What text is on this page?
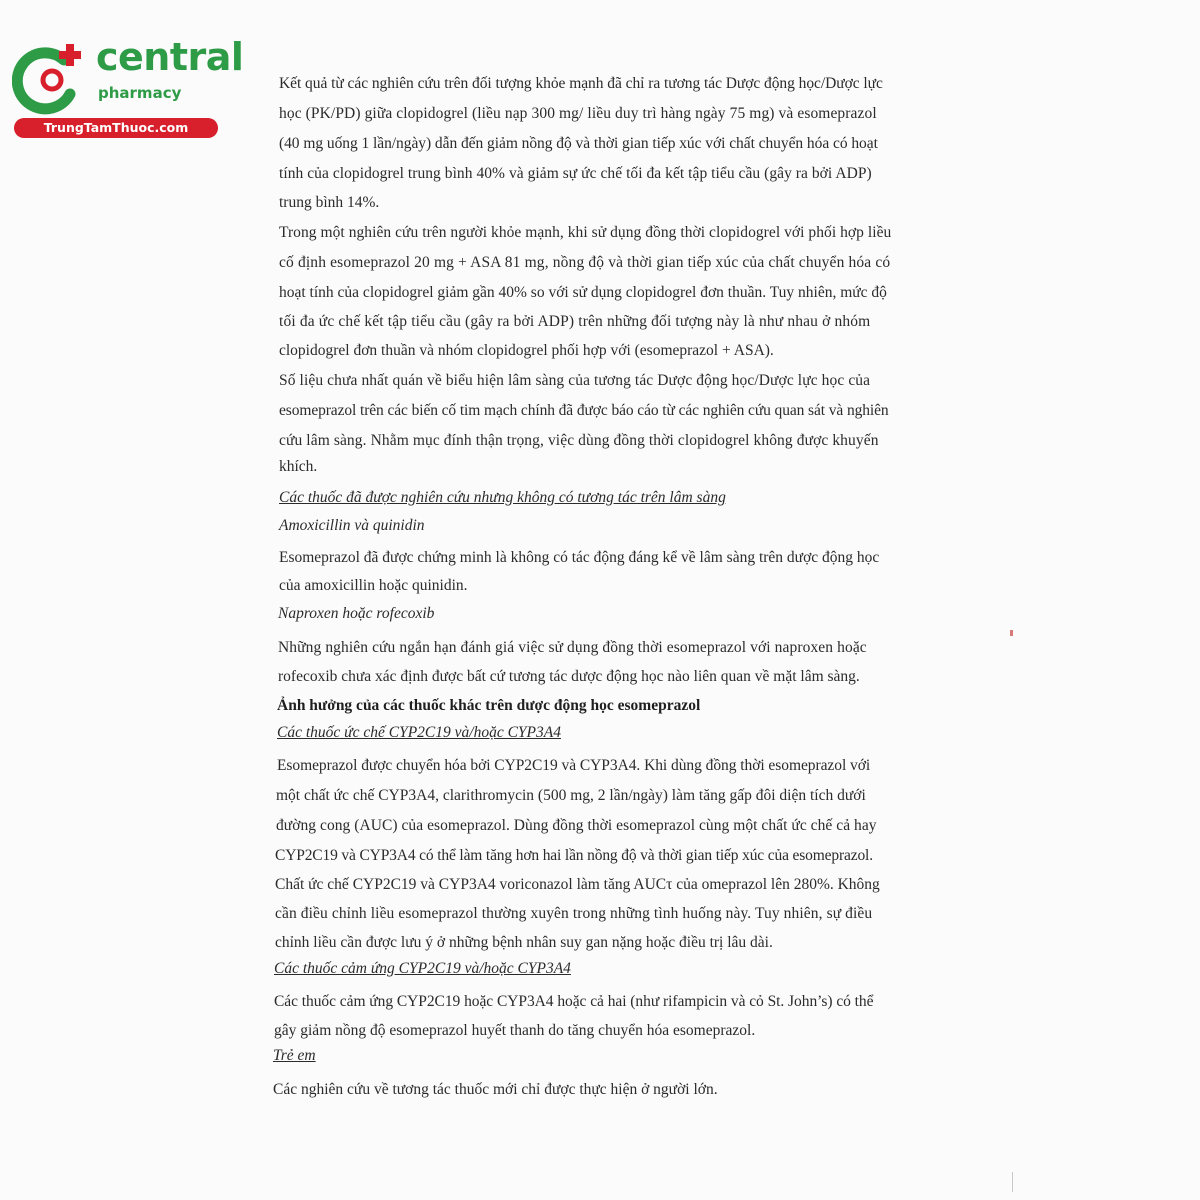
central
pharmacy
TrungTamThuoc.com

Kết quả từ các nghiên cứu trên đối tượng khỏe mạnh đã chỉ ra tương tác Dược động học/Dược lực

học (PK/PD) giữa clopidogrel (liều nạp 300 mg/ liều duy trì hàng ngày 75 mg) và esomeprazol

(40 mg uống 1 lần/ngày) dẫn đến giảm nồng độ và thời gian tiếp xúc với chất chuyển hóa có hoạt

tính của clopidogrel trung bình 40% và giảm sự ức chế tối đa kết tập tiểu cầu (gây ra bởi ADP)

trung bình 14%.

Trong một nghiên cứu trên người khỏe mạnh, khi sử dụng đồng thời clopidogrel với phối hợp liều

cố định esomeprazol 20 mg + ASA 81 mg, nồng độ và thời gian tiếp xúc của chất chuyển hóa có

hoạt tính của clopidogrel giảm gần 40% so với sử dụng clopidogrel đơn thuần. Tuy nhiên, mức độ

tối đa ức chế kết tập tiểu cầu (gây ra bởi ADP) trên những đối tượng này là như nhau ở nhóm

clopidogrel đơn thuần và nhóm clopidogrel phối hợp với (esomeprazol + ASA).

Số liệu chưa nhất quán về biểu hiện lâm sàng của tương tác Dược động học/Dược lực học của

esomeprazol trên các biến cố tim mạch chính đã được báo cáo từ các nghiên cứu quan sát và nghiên

cứu lâm sàng. Nhằm mục đính thận trọng, việc dùng đồng thời clopidogrel không được khuyến

khích.

Các thuốc đã được nghiên cứu nhưng không có tương tác trên lâm sàng

Amoxicillin và quinidin

Esomeprazol đã được chứng minh là không có tác động đáng kể về lâm sàng trên dược động học

của amoxicillin hoặc quinidin.

Naproxen hoặc rofecoxib

Những nghiên cứu ngắn hạn đánh giá việc sử dụng đồng thời esomeprazol với naproxen hoặc

rofecoxib chưa xác định được bất cứ tương tác dược động học nào liên quan về mặt lâm sàng.

Ảnh hưởng của các thuốc khác trên dược động học esomeprazol

Các thuốc ức chế CYP2C19 và/hoặc CYP3A4

Esomeprazol được chuyển hóa bởi CYP2C19 và CYP3A4. Khi dùng đồng thời esomeprazol với

một chất ức chế CYP3A4, clarithromycin (500 mg, 2 lần/ngày) làm tăng gấp đôi diện tích dưới

đường cong (AUC) của esomeprazol. Dùng đồng thời esomeprazol cùng một chất ức chế cả hay

CYP2C19 và CYP3A4 có thể làm tăng hơn hai lần nồng độ và thời gian tiếp xúc của esomeprazol.

Chất ức chế CYP2C19 và CYP3A4 voriconazol làm tăng AUCτ của omeprazol lên 280%. Không

cần điều chỉnh liều esomeprazol thường xuyên trong những tình huống này. Tuy nhiên, sự điều

chỉnh liều cần được lưu ý ở những bệnh nhân suy gan nặng hoặc điều trị lâu dài.

Các thuốc cảm ứng CYP2C19 và/hoặc CYP3A4

Các thuốc cảm ứng CYP2C19 hoặc CYP3A4 hoặc cả hai (như rifampicin và cỏ St. John’s) có thể

gây giảm nồng độ esomeprazol huyết thanh do tăng chuyển hóa esomeprazol.

Trẻ em

Các nghiên cứu về tương tác thuốc mới chỉ được thực hiện ở người lớn.
